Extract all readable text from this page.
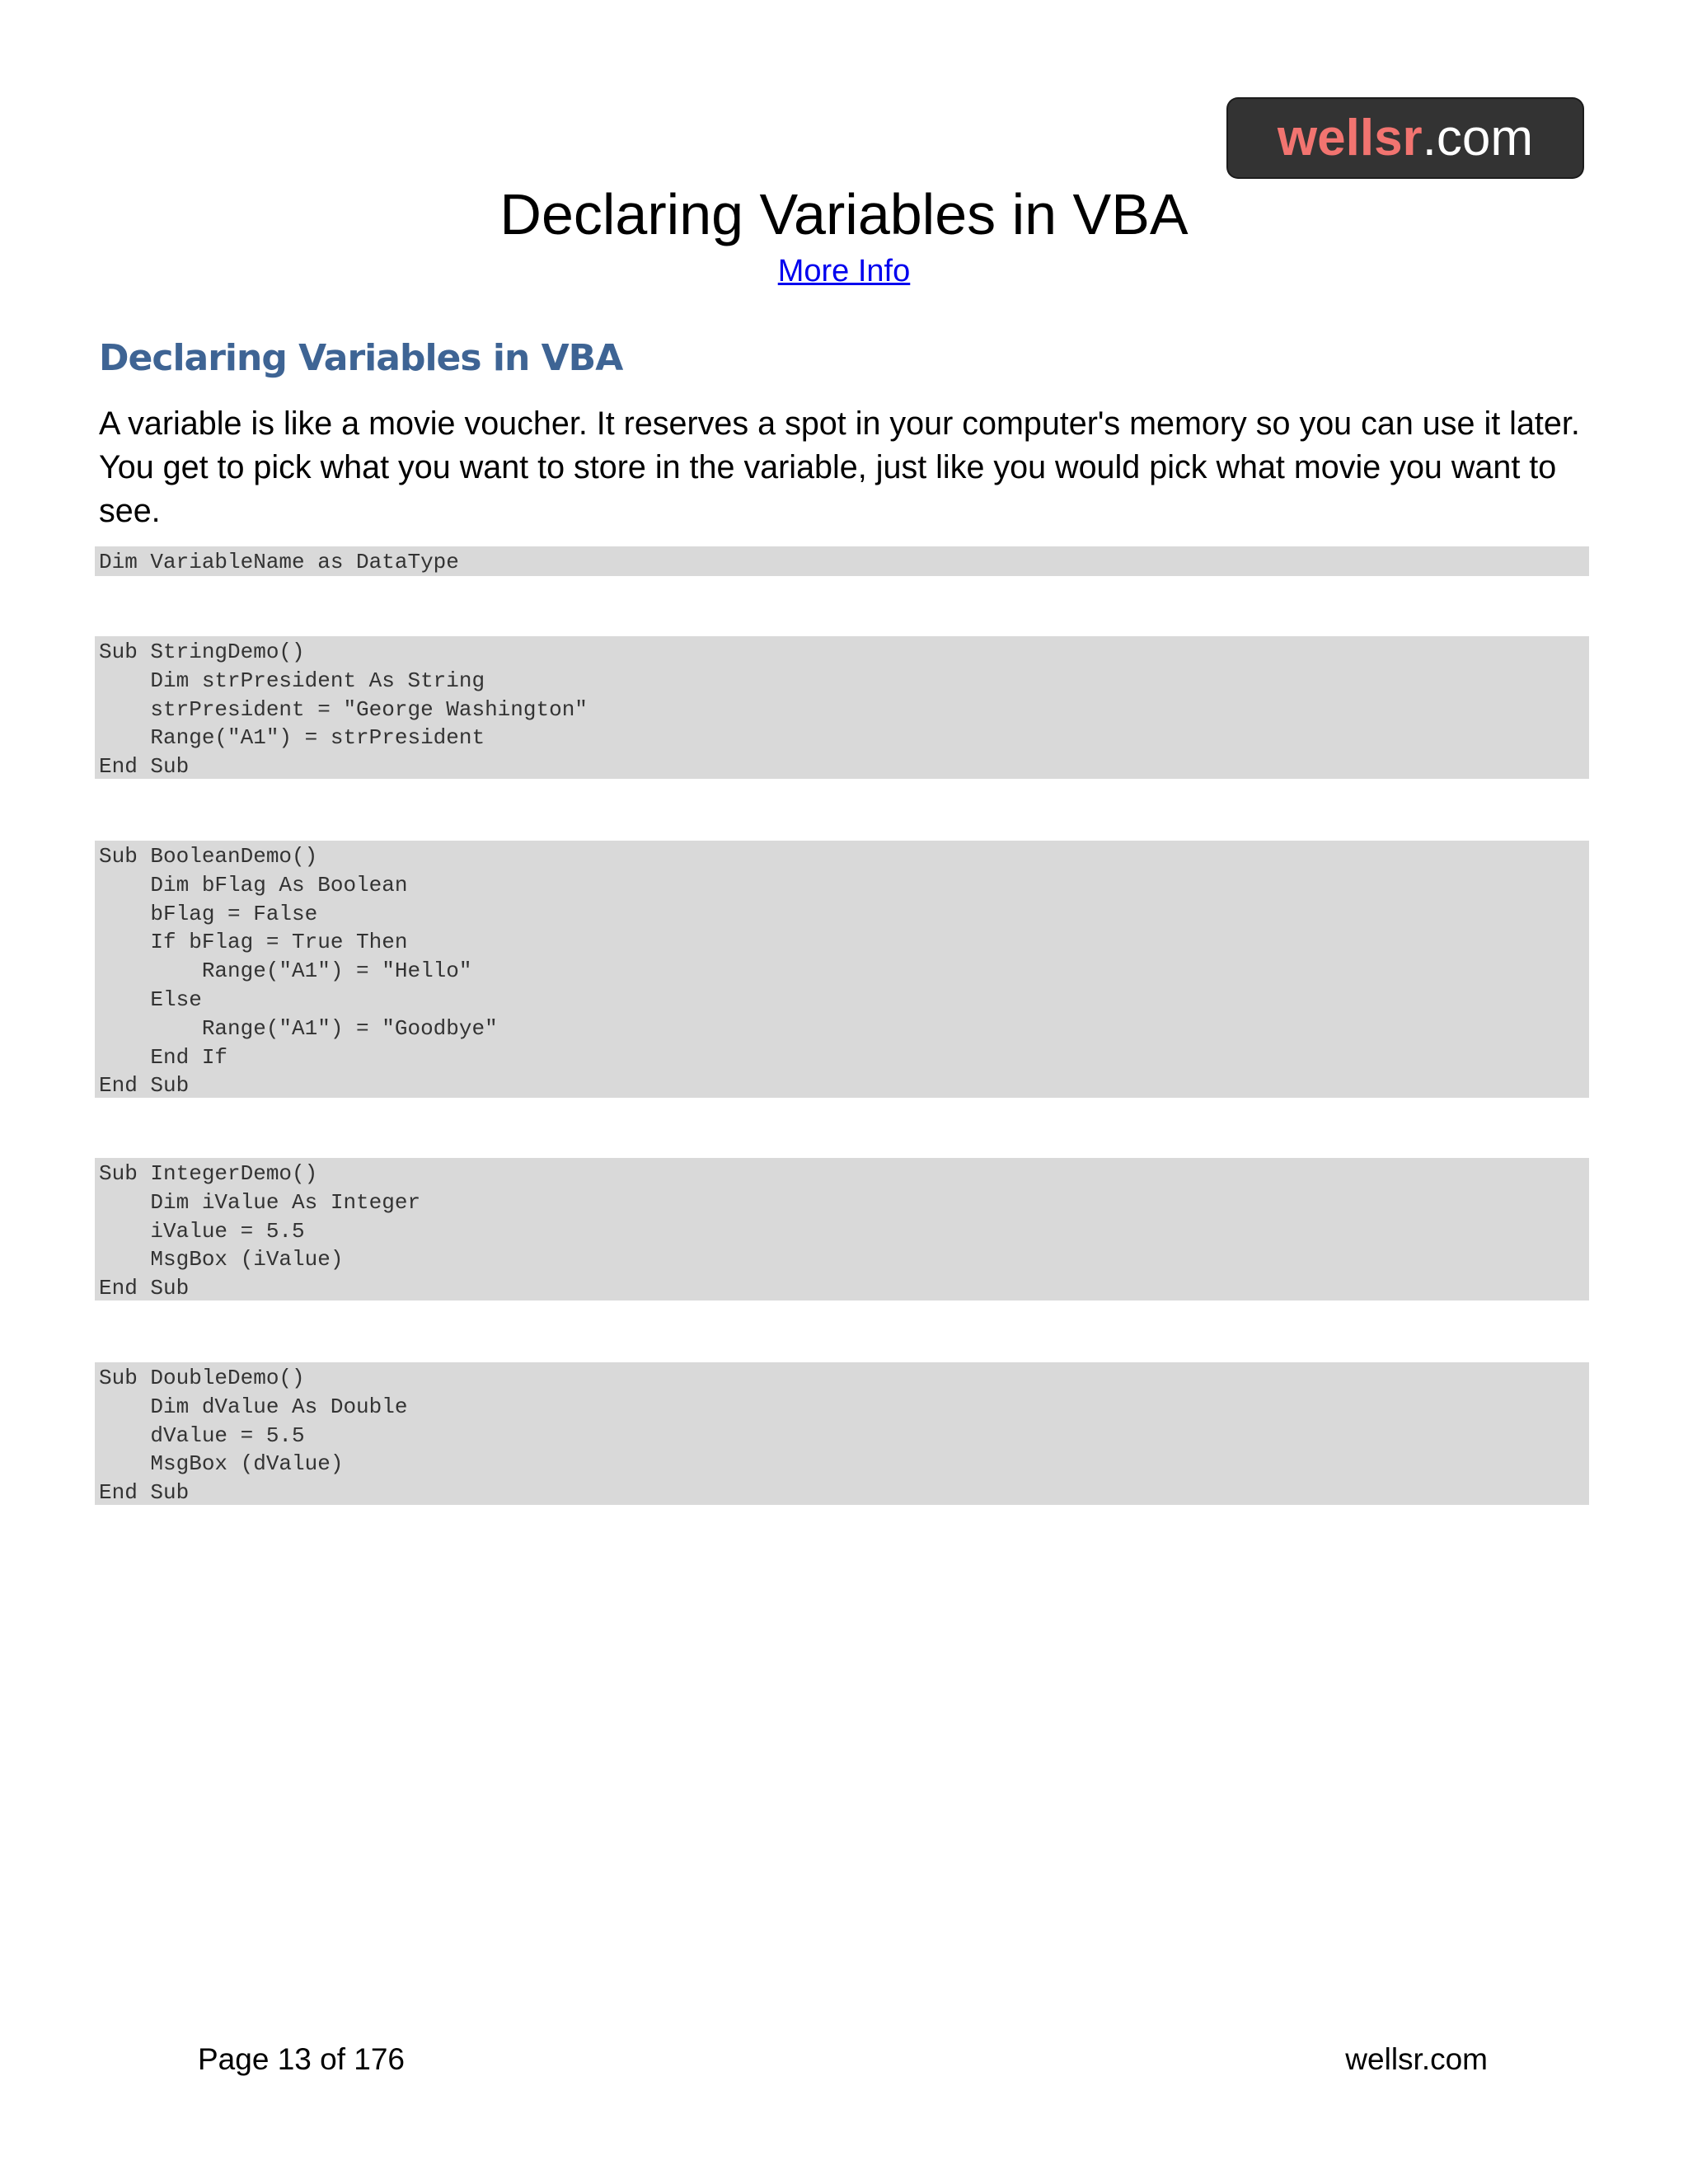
wellsr .com
Declaring Variables in VBA
More Info
Declaring Variables in VBA

A variable is like a movie voucher. It reserves a spot in your computer's memory so you can use it later. You get to pick what you want to store in the variable, just like you would pick what movie you want to see.

Dim VariableName as DataType
Sub StringDemo()
Dim strPresident As String
strPresident = "George Washington"
Range("A1") = strPresident
End Sub
Sub BooleanDemo()
Dim bFlag As Boolean
bFlag = False
If bFlag = True Then
Range("A1") = "Hello"
Else
Range("A1") = "Goodbye"
End If
End Sub
Sub IntegerDemo()
Dim iValue As Integer
iValue = 5.5
MsgBox (iValue)
End Sub
Sub DoubleDemo()
Dim dValue As Double
dValue = 5.5
MsgBox (dValue)
End Sub
Page 13 of 176	wellsr.com
